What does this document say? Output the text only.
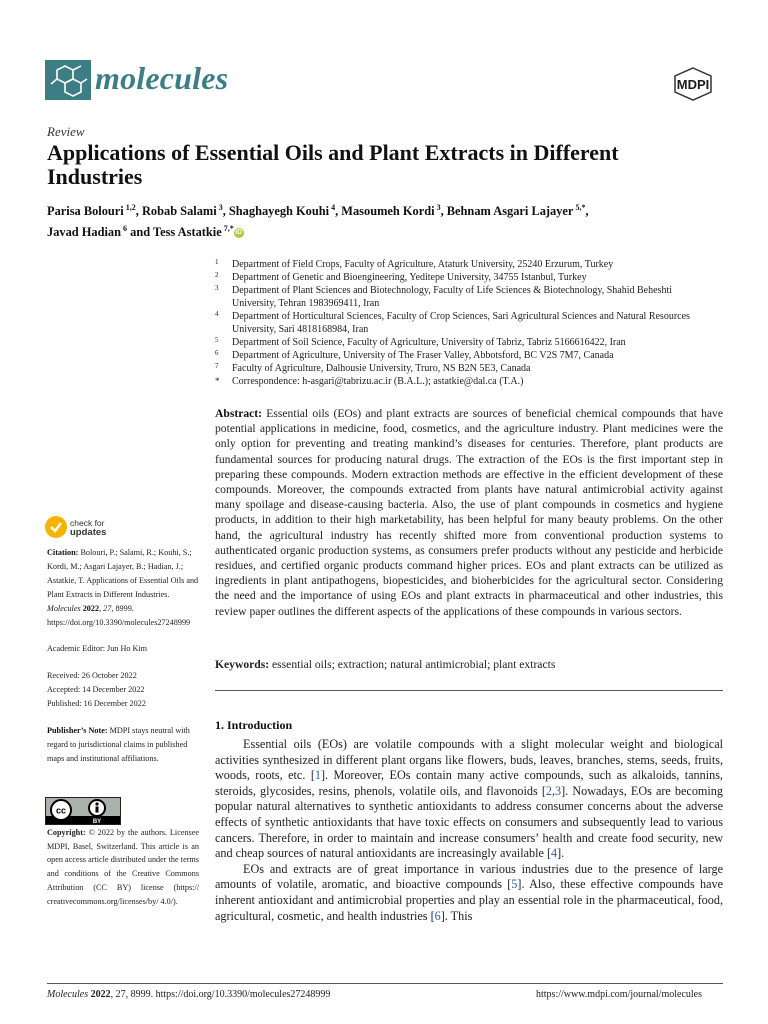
molecules	MDPI
Review
Applications of Essential Oils and Plant Extracts in Different Industries
Parisa Bolouri $^{1,2}$, Robab Salami $^3$, Shaghayegh Kouhi $^4$, Masoumeh Kordi $^3$, Behnam Asgari Lajayer $^{5,*}$,
Javad Hadian $^6$ and Tess Astatkie $^{7,*}$ iD
1 Department of Field Crops, Faculty of Agriculture, Ataturk University, 25240 Erzurum, Turkey
2 Department of Genetic and Bioengineering, Yeditepe University, 34755 Istanbul, Turkey
3 Department of Plant Sciences and Biotechnology, Faculty of Life Sciences & Biotechnology, Shahid Beheshti University, Tehran 1983969411, Iran
4 Department of Horticultural Sciences, Faculty of Crop Sciences, Sari Agricultural Sciences and Natural Resources University, Sari 4818168984, Iran
5 Department of Soil Science, Faculty of Agriculture, University of Tabriz, Tabriz 5166616422, Iran
6 Department of Agriculture, University of The Fraser Valley, Abbotsford, BC V2S 7M7, Canada
7 Faculty of Agriculture, Dalhousie University, Truro, NS B2N 5E3, Canada
* Correspondence: h-asgari@tabrizu.ac.ir (B.A.L.); astatkie@dal.ca (T.A.)
Abstract: Essential oils (EOs) and plant extracts are sources of beneficial chemical compounds that have potential applications in medicine, food, cosmetics, and the agriculture industry. Plant medicines were the only option for preventing and treating mankind’s diseases for centuries. Therefore, plant products are fundamental sources for producing natural drugs. The extraction of the EOs is the first important step in preparing these compounds. Modern extraction methods are effective in the efficient development of these compounds. Moreover, the compounds extracted from plants have natural antimicrobial activity against many spoilage and disease-causing bacteria. Also, the use of plant compounds in cosmetics and hygiene products, in addition to their high marketability, has been helpful for many beauty problems. On the other hand, the agricultural industry has recently shifted more from conventional production systems to authenticated organic production systems, as consumers prefer products without any pesticide and herbicide residues, and certified organic products command higher prices. EOs and plant extracts can be utilized as ingredients in plant antipathogens, biopesticides, and bioherbicides for the agricultural sector. Considering the need and the importance of using EOs and plant extracts in pharmaceutical and other industries, this review paper outlines the different aspects of the applications of these compounds in various sectors.
Keywords: essential oils; extraction; natural antimicrobial; plant extracts
1. Introduction

Essential oils (EOs) are volatile compounds with a slight molecular weight and biological activities synthesized in different plant organs like flowers, buds, leaves, branches, stems, seeds, fruits, woods, roots, etc. [1]. Moreover, EOs contain many active compounds, such as alkaloids, tannins, steroids, glycosides, resins, phenols, volatile oils, and flavonoids [2,3]. Nowadays, EOs are becoming popular natural alternatives to synthetic antioxidants to address consumer concerns about the adverse effects of synthetic antioxidants that have toxic effects on consumers and subsequently lead to various cancers. Therefore, in order to maintain and increase consumers’ health and create food security, new and cheap sources of natural antioxidants are increasingly available [4].

EOs and extracts are of great importance in various industries due to the presence of large amounts of volatile, aromatic, and bioactive compounds [5]. Also, these effective compounds have inherent antioxidant and antimicrobial properties and play an essential role in the pharmaceutical, food, agricultural, cosmetic, and health industries [6]. This

check for
updates
Citation: Bolouri, P.; Salami, R.; Kouhi, S.; Kordi, M.; Asgari Lajayer, B.; Hadian, J.; Astatkie, T. Applications of Essential Oils and Plant Extracts in Different Industries. Molecules 2022, 27, 8999. https://doi.org/10.3390/molecules27248999
Academic Editor: Jun Ho Kim
Received: 26 October 2022
Accepted: 14 December 2022
Published: 16 December 2022
Publisher’s Note: MDPI stays neutral with regard to jurisdictional claims in published maps and institutional affiliations.
cc
BY
Copyright: © 2022 by the authors. Licensee MDPI, Basel, Switzerland. This article is an open access article distributed under the terms and conditions of the Creative Commons Attribution (CC BY) license (https:// creativecommons.org/licenses/by/ 4.0/).
Molecules 2022, 27, 8999. https://doi.org/10.3390/molecules27248999	https://www.mdpi.com/journal/molecules
